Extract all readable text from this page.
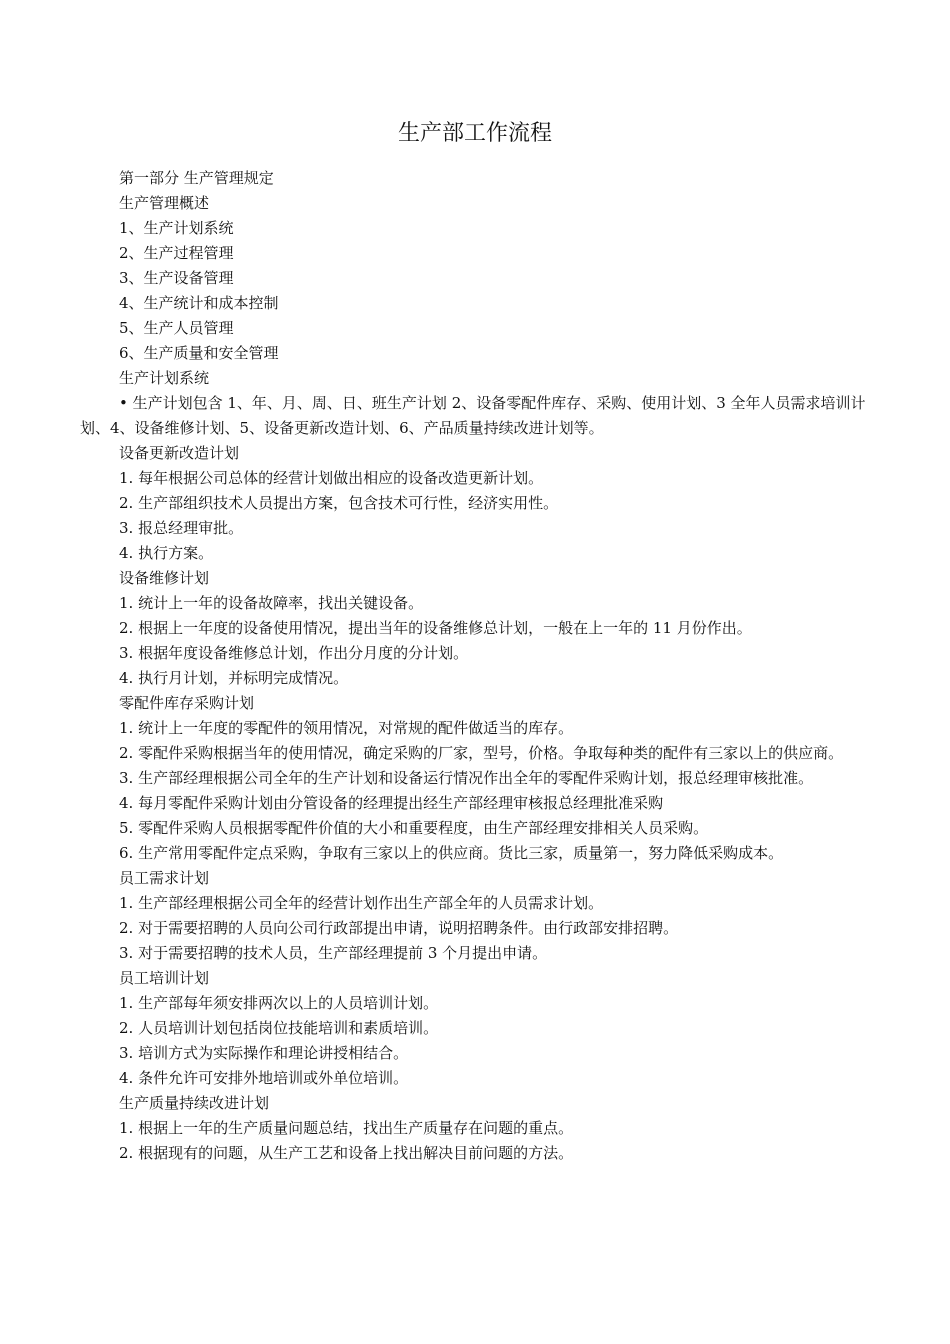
生产部工作流程

第一部分 生产管理规定

生产管理概述

1、生产计划系统

2、生产过程管理

3、生产设备管理

4、生产统计和成本控制

5、生产人员管理

6、生产质量和安全管理

生产计划系统

• 生产计划包含 1、年、月、周、日、班生产计划 2、设备零配件库存、采购、使用计划、3 全年人员需求培训计划、4、设备维修计划、5、设备更新改造计划、6、产品质量持续改进计划等。

设备更新改造计划

1. 每年根据公司总体的经营计划做出相应的设备改造更新计划。

2. 生产部组织技术人员提出方案，包含技术可行性，经济实用性。

3. 报总经理审批。

4. 执行方案。

设备维修计划

1. 统计上一年的设备故障率，找出关键设备。

2. 根据上一年度的设备使用情况，提出当年的设备维修总计划，一般在上一年的 11 月份作出。

3. 根据年度设备维修总计划，作出分月度的分计划。

4. 执行月计划，并标明完成情况。

零配件库存采购计划

1. 统计上一年度的零配件的领用情况，对常规的配件做适当的库存。

2. 零配件采购根据当年的使用情况，确定采购的厂家，型号，价格。争取每种类的配件有三家以上的供应商。

3. 生产部经理根据公司全年的生产计划和设备运行情况作出全年的零配件采购计划，报总经理审核批准。

4. 每月零配件采购计划由分管设备的经理提出经生产部经理审核报总经理批准采购

5. 零配件采购人员根据零配件价值的大小和重要程度，由生产部经理安排相关人员采购。

6. 生产常用零配件定点采购，争取有三家以上的供应商。货比三家，质量第一，努力降低采购成本。

员工需求计划

1. 生产部经理根据公司全年的经营计划作出生产部全年的人员需求计划。

2. 对于需要招聘的人员向公司行政部提出申请，说明招聘条件。由行政部安排招聘。

3. 对于需要招聘的技术人员，生产部经理提前 3 个月提出申请。

员工培训计划

1. 生产部每年须安排两次以上的人员培训计划。

2. 人员培训计划包括岗位技能培训和素质培训。

3. 培训方式为实际操作和理论讲授相结合。

4. 条件允许可安排外地培训或外单位培训。

生产质量持续改进计划

1. 根据上一年的生产质量问题总结，找出生产质量存在问题的重点。

2. 根据现有的问题，从生产工艺和设备上找出解决目前问题的方法。
